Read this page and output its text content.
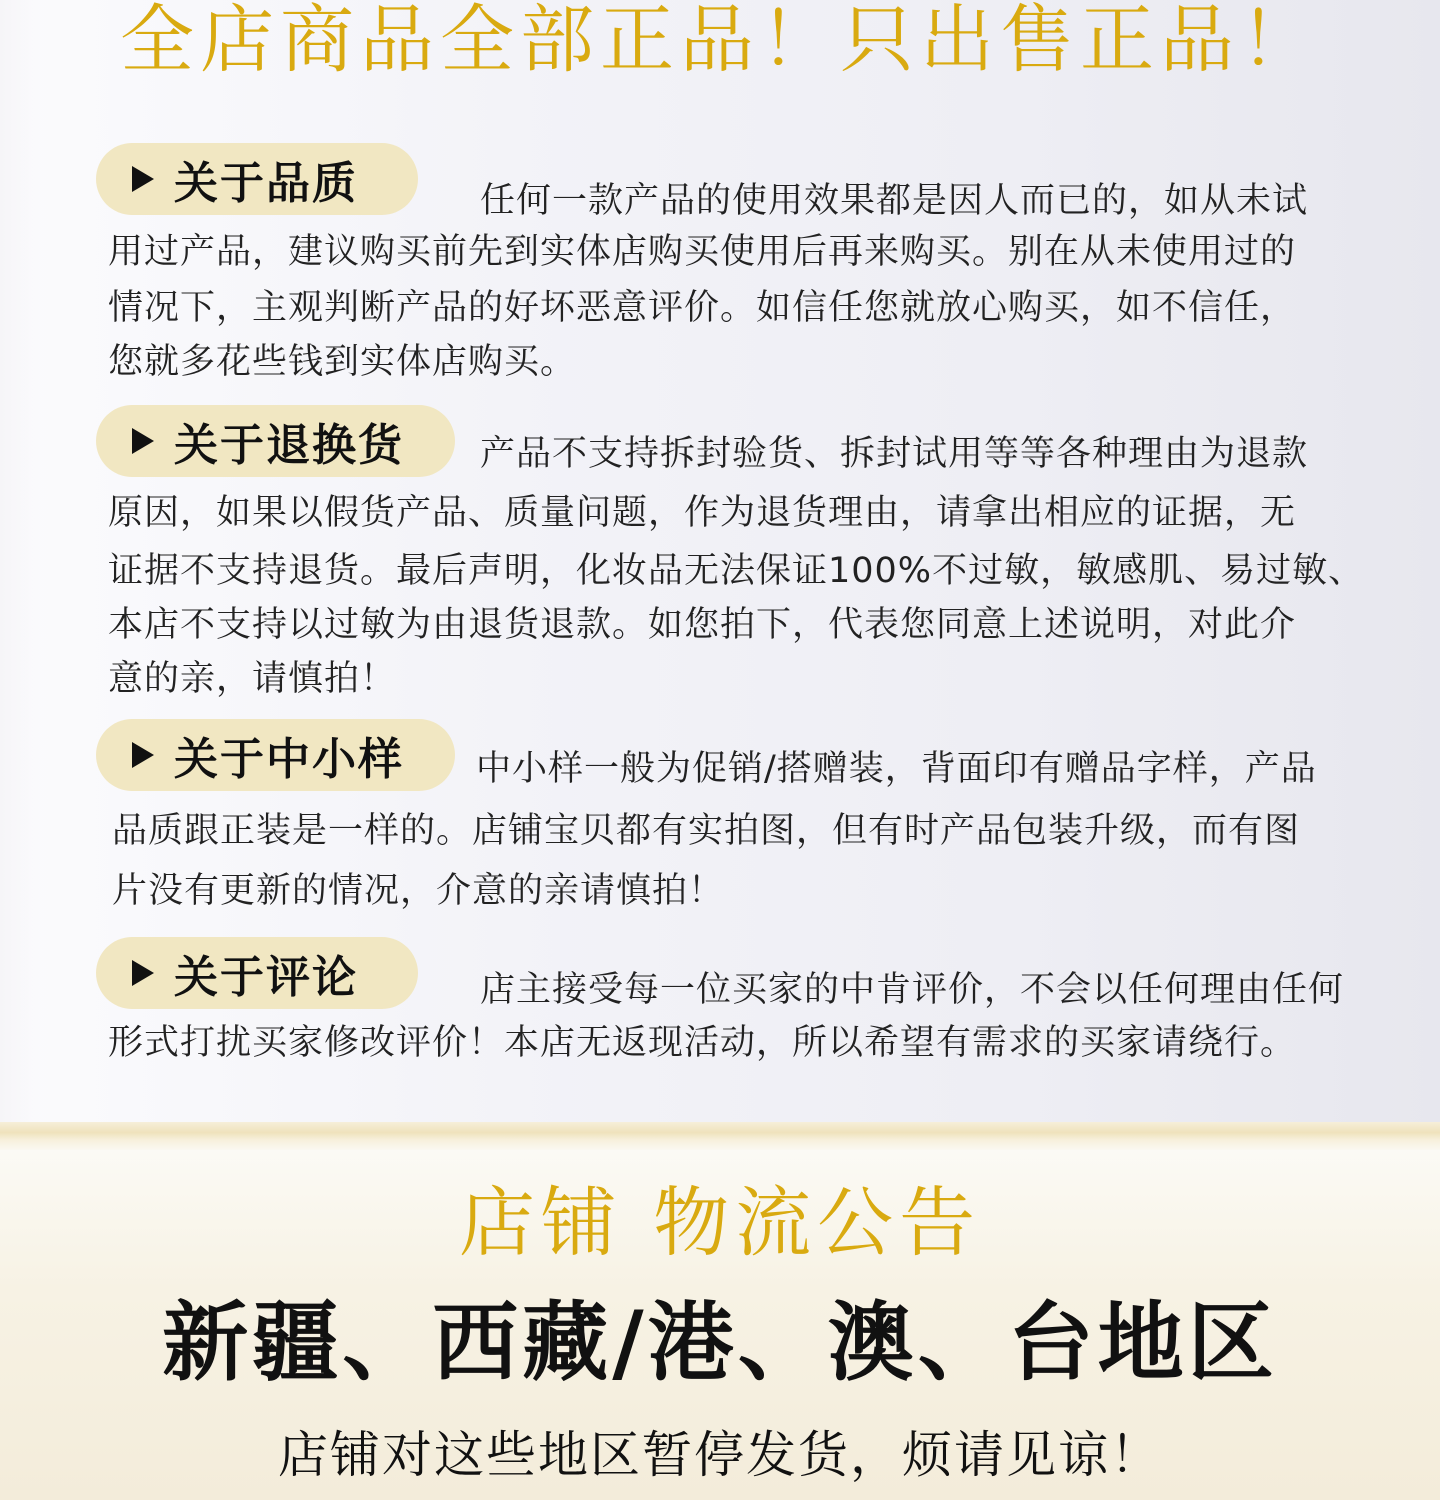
全店商品全部正品！只出售正品！
关于品质	任何一款产品的使用效果都是因人而已的，如从未试
用过产品，建议购买前先到实体店购买使用后再来购买。别在从未使用过的
情况下，主观判断产品的好坏恶意评价。如信任您就放心购买，如不信任，
您就多花些钱到实体店购买。
关于退换货 产品不支持拆封验货、拆封试用等等各种理由为退款
原因，如果以假货产品、质量问题，作为退货理由，请拿出相应的证据，无
证据不支持退货。最后声明，化妆品无法保证100%不过敏，敏感肌、易过敏、
本店不支持以过敏为由退货退款。如您拍下，代表您同意上述说明，对此介
意的亲，请慎拍！
关于中小样 中小样一般为促销/搭赠装，背面印有赠品字样，产品
品质跟正装是一样的。店铺宝贝都有实拍图，但有时产品包装升级，而有图
片没有更新的情况，介意的亲请慎拍！
关于评论	店主接受每一位买家的中肯评价，不会以任何理由任何
形式打扰买家修改评价！本店无返现活动，所以希望有需求的买家请绕行。
店铺 物流公告
新疆、西藏/港、澳、台地区
店铺对这些地区暂停发货，烦请见谅！
